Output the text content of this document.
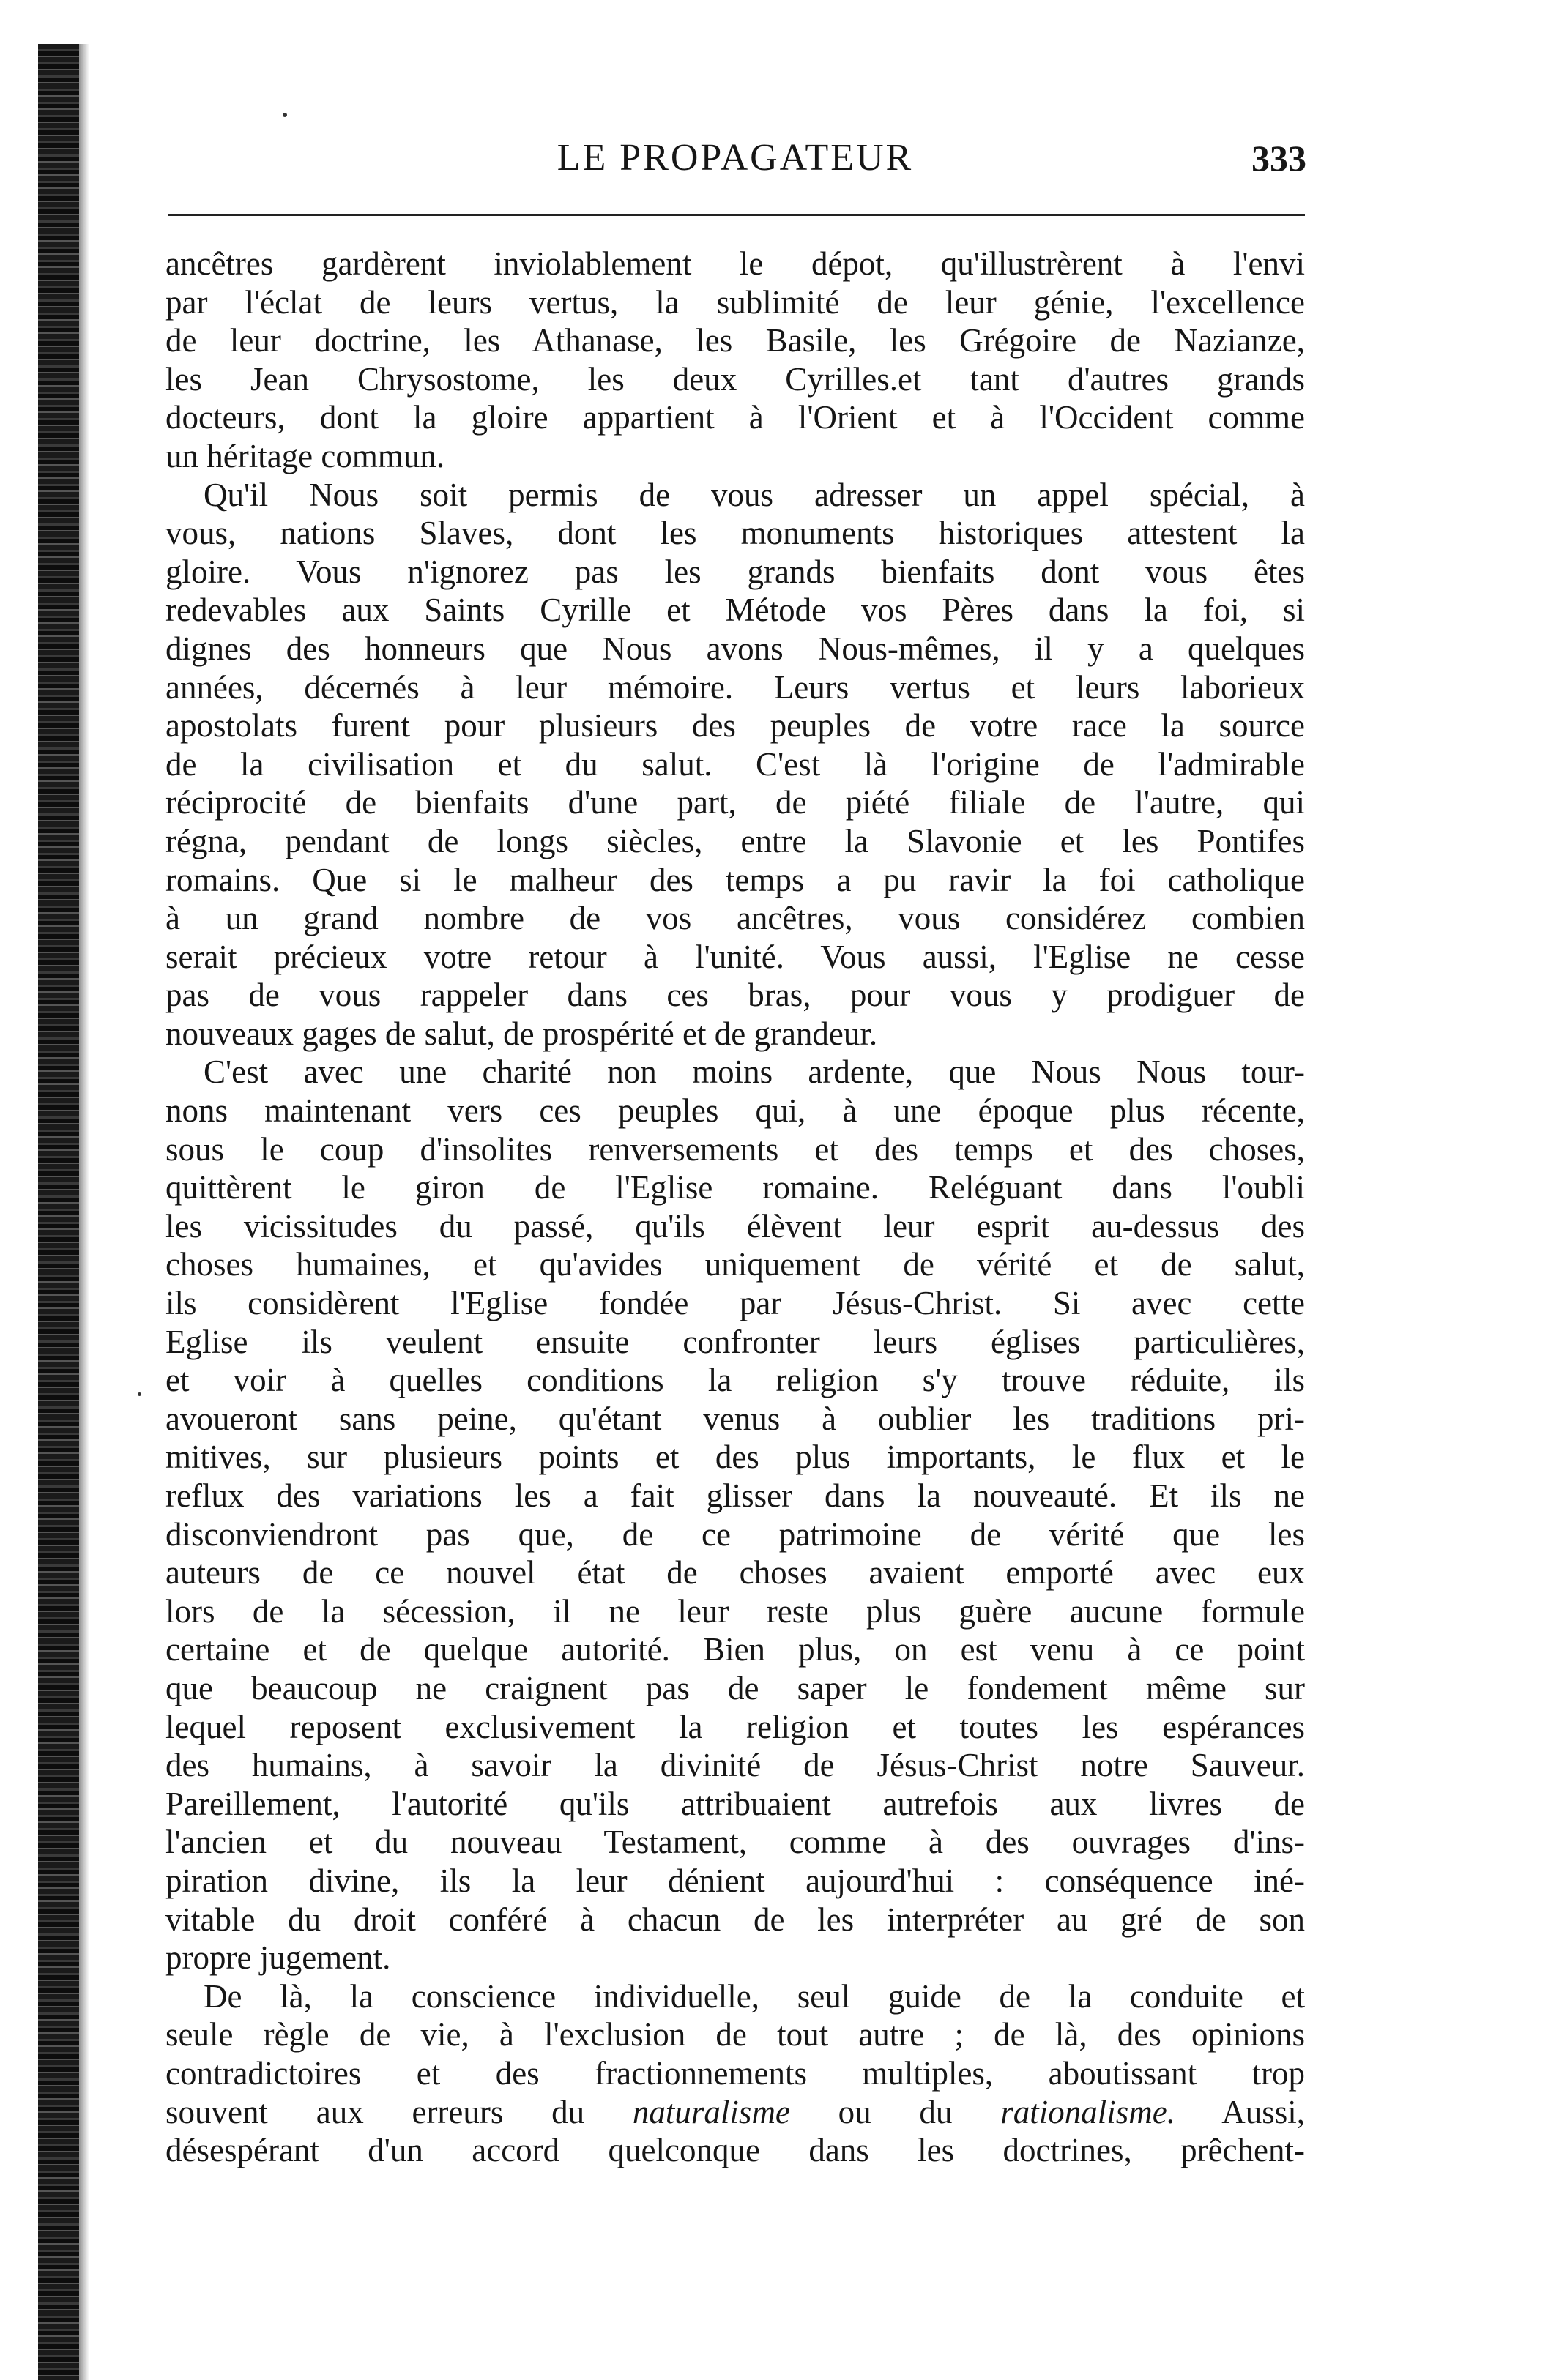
LE PROPAGATEUR	333
ancêtres gardèrent inviolablement le dépot, qu'illustrèrent à l'envi
par l'éclat de leurs vertus, la sublimité de leur génie, l'excellence
de leur doctrine, les Athanase, les Basile, les Grégoire de Nazianze,
les Jean Chrysostome, les deux Cyrilles.et tant d'autres grands
docteurs, dont la gloire appartient à l'Orient et à l'Occident comme
un héritage commun.
Qu'il Nous soit permis de vous adresser un appel spécial, à
vous, nations Slaves, dont les monuments historiques attestent la
gloire. Vous n'ignorez pas les grands bienfaits dont vous êtes
redevables aux Saints Cyrille et Métode vos Pères dans la foi, si
dignes des honneurs que Nous avons Nous-mêmes, il y a quelques
années, décernés à leur mémoire. Leurs vertus et leurs laborieux
apostolats furent pour plusieurs des peuples de votre race la source
de la civilisation et du salut. C'est là l'origine de l'admirable
réciprocité de bienfaits d'une part, de piété filiale de l'autre, qui
régna, pendant de longs siècles, entre la Slavonie et les Pontifes
romains. Que si le malheur des temps a pu ravir la foi catholique
à un grand nombre de vos ancêtres, vous considérez combien
serait précieux votre retour à l'unité. Vous aussi, l'Eglise ne cesse
pas de vous rappeler dans ces bras, pour vous y prodiguer de
nouveaux gages de salut, de prospérité et de grandeur.
C'est avec une charité non moins ardente, que Nous Nous tour-
nons maintenant vers ces peuples qui, à une époque plus récente,
sous le coup d'insolites renversements et des temps et des choses,
quittèrent le giron de l'Eglise romaine. Reléguant dans l'oubli
les vicissitudes du passé, qu'ils élèvent leur esprit au-dessus des
choses humaines, et qu'avides uniquement de vérité et de salut,
ils considèrent l'Eglise fondée par Jésus-Christ. Si avec cette
Eglise ils veulent ensuite confronter leurs églises particulières,
et voir à quelles conditions la religion s'y trouve réduite, ils
avoueront sans peine, qu'étant venus à oublier les traditions pri-
mitives, sur plusieurs points et des plus importants, le flux et le
reflux des variations les a fait glisser dans la nouveauté. Et ils ne
disconviendront pas que, de ce patrimoine de vérité que les
auteurs de ce nouvel état de choses avaient emporté avec eux
lors de la sécession, il ne leur reste plus guère aucune formule
certaine et de quelque autorité. Bien plus, on est venu à ce point
que beaucoup ne craignent pas de saper le fondement même sur
lequel reposent exclusivement la religion et toutes les espérances
des humains, à savoir la divinité de Jésus-Christ notre Sauveur.
Pareillement, l'autorité qu'ils attribuaient autrefois aux livres de
l'ancien et du nouveau Testament, comme à des ouvrages d'ins-
piration divine, ils la leur dénient aujourd'hui : conséquence iné-
vitable du droit conféré à chacun de les interpréter au gré de son
propre jugement.
De là, la conscience individuelle, seul guide de la conduite et
seule règle de vie, à l'exclusion de tout autre ; de là, des opinions
contradictoires et des fractionnements multiples, aboutissant trop
souvent aux erreurs du naturalisme ou du rationalisme. Aussi,
désespérant d'un accord quelconque dans les doctrines, prêchent-
